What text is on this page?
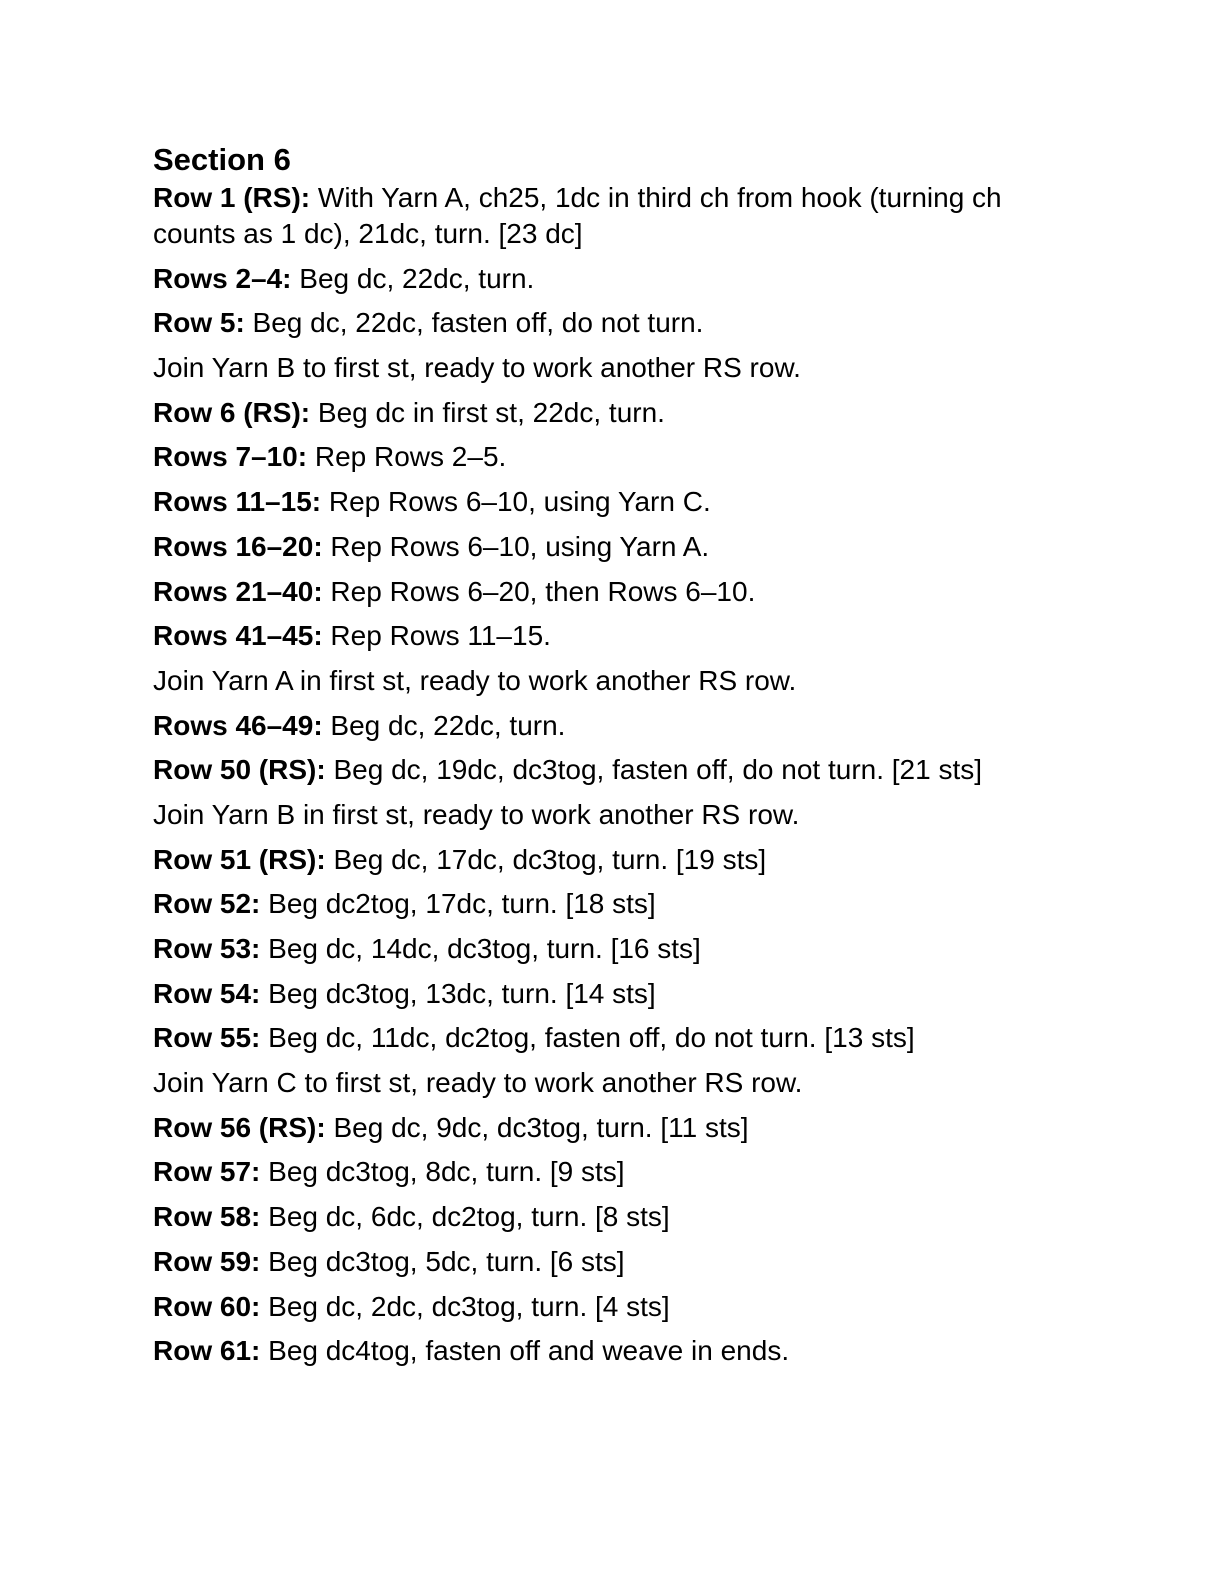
Section 6
Row 1 (RS): With Yarn A, ch25, 1dc in third ch from hook (turning ch counts as 1 dc), 21dc, turn. [23 dc]
Rows 2–4: Beg dc, 22dc, turn.
Row 5: Beg dc, 22dc, fasten off, do not turn.
Join Yarn B to first st, ready to work another RS row.
Row 6 (RS): Beg dc in first st, 22dc, turn.
Rows 7–10: Rep Rows 2–5.
Rows 11–15: Rep Rows 6–10, using Yarn C.
Rows 16–20: Rep Rows 6–10, using Yarn A.
Rows 21–40: Rep Rows 6–20, then Rows 6–10.
Rows 41–45: Rep Rows 11–15.
Join Yarn A in first st, ready to work another RS row.
Rows 46–49: Beg dc, 22dc, turn.
Row 50 (RS): Beg dc, 19dc, dc3tog, fasten off, do not turn. [21 sts]
Join Yarn B in first st, ready to work another RS row.
Row 51 (RS): Beg dc, 17dc, dc3tog, turn. [19 sts]
Row 52: Beg dc2tog, 17dc, turn. [18 sts]
Row 53: Beg dc, 14dc, dc3tog, turn. [16 sts]
Row 54: Beg dc3tog, 13dc, turn. [14 sts]
Row 55: Beg dc, 11dc, dc2tog, fasten off, do not turn. [13 sts]
Join Yarn C to first st, ready to work another RS row.
Row 56 (RS): Beg dc, 9dc, dc3tog, turn. [11 sts]
Row 57: Beg dc3tog, 8dc, turn. [9 sts]
Row 58: Beg dc, 6dc, dc2tog, turn. [8 sts]
Row 59: Beg dc3tog, 5dc, turn. [6 sts]
Row 60: Beg dc, 2dc, dc3tog, turn. [4 sts]
Row 61: Beg dc4tog, fasten off and weave in ends.
